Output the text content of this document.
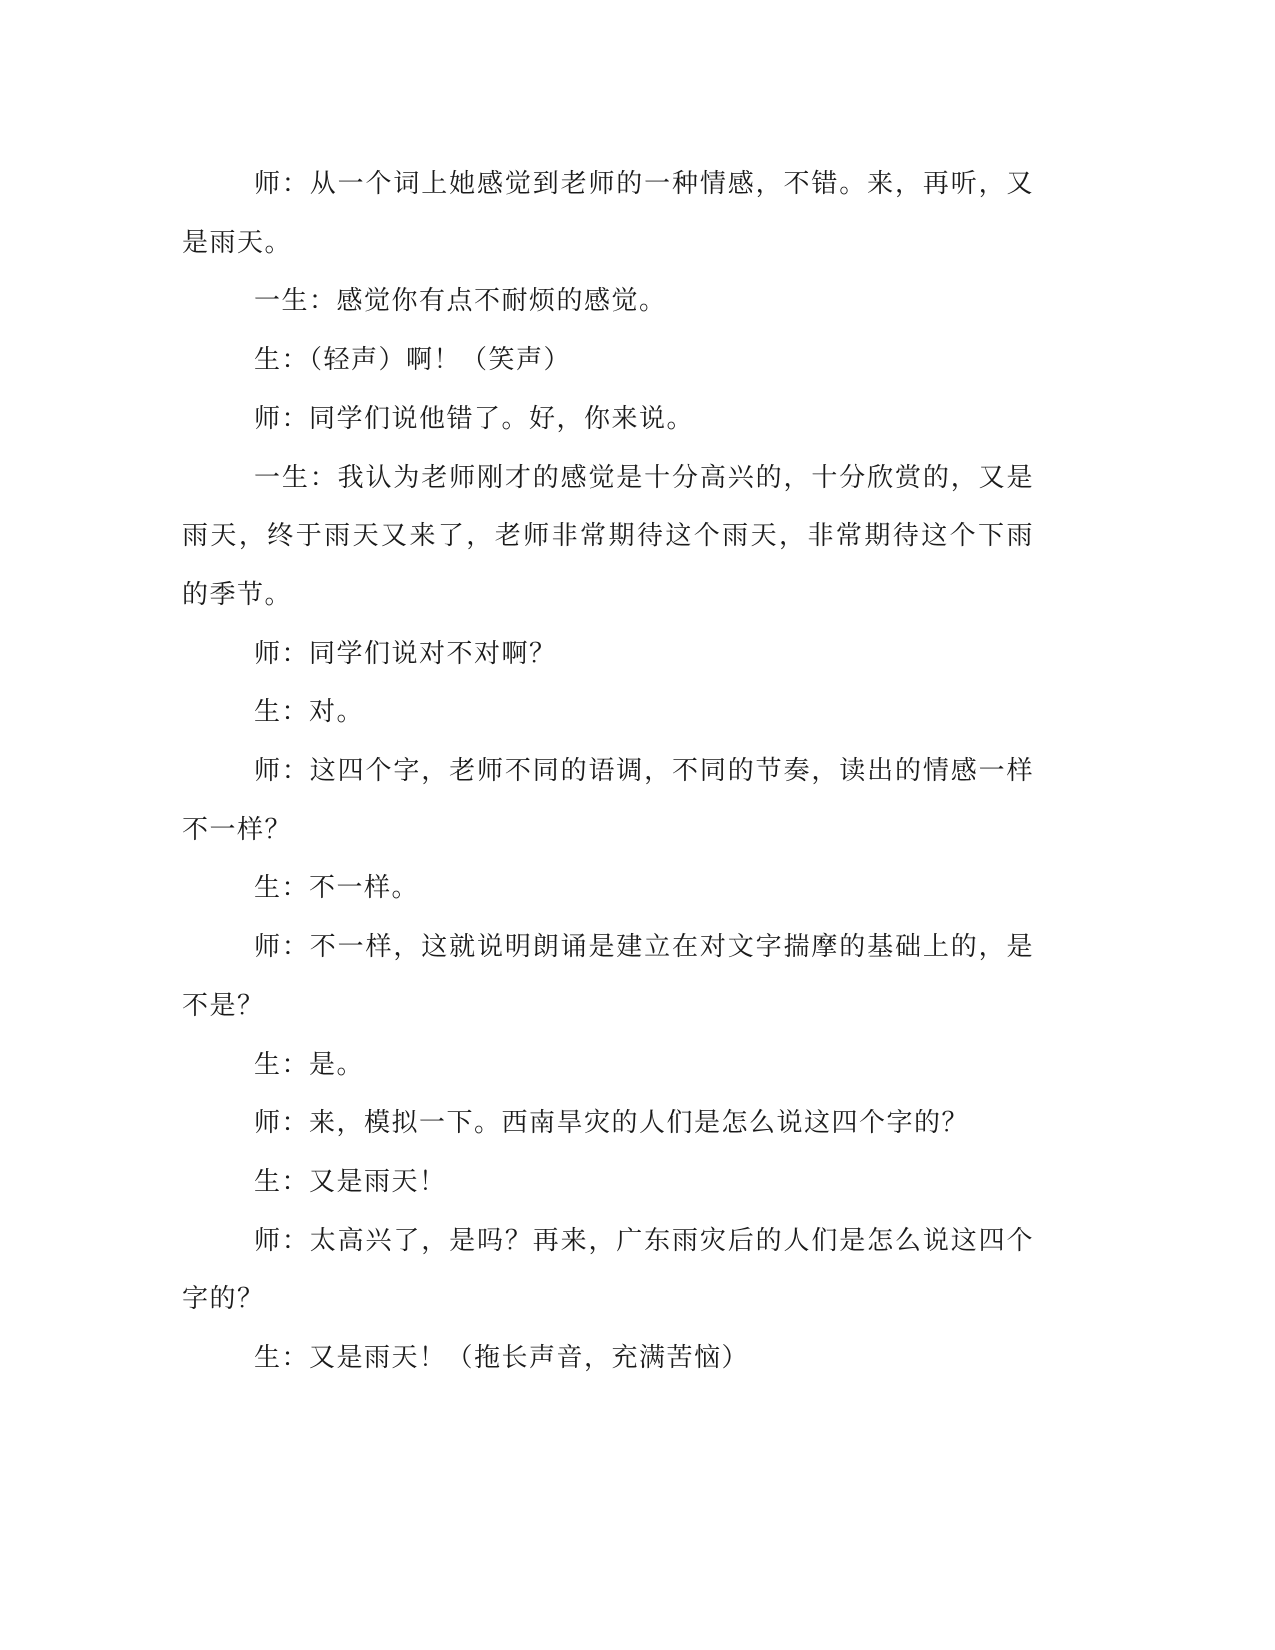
师：从一个词上她感觉到老师的一种情感，不错。来，再听，又是雨天。

一生：感觉你有点不耐烦的感觉。

生：（轻声）啊！（笑声）

师：同学们说他错了。好，你来说。

一生：我认为老师刚才的感觉是十分高兴的，十分欣赏的，又是雨天，终于雨天又来了，老师非常期待这个雨天，非常期待这个下雨的季节。

师：同学们说对不对啊？

生：对。

师：这四个字，老师不同的语调，不同的节奏，读出的情感一样不一样？

生：不一样。

师：不一样，这就说明朗诵是建立在对文字揣摩的基础上的，是不是？

生：是。

师：来，模拟一下。西南旱灾的人们是怎么说这四个字的？

生：又是雨天！

师：太高兴了，是吗？再来，广东雨灾后的人们是怎么说这四个字的？

生：又是雨天！（拖长声音，充满苦恼）
